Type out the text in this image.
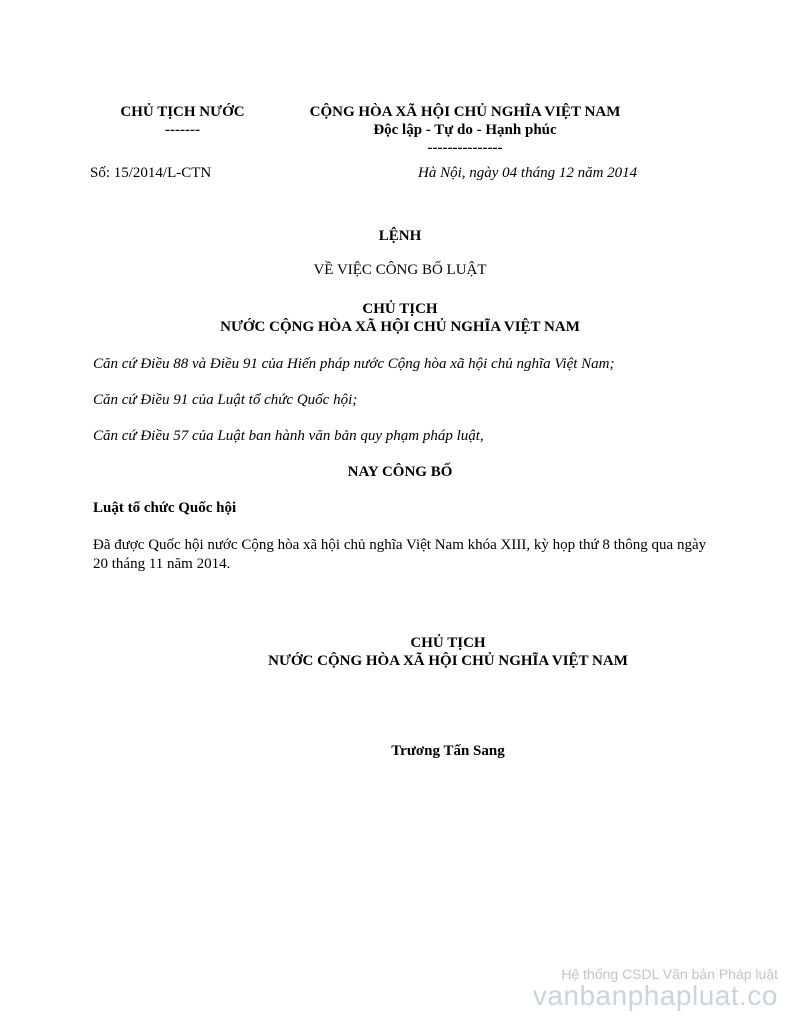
CHỦ TỊCH NƯỚC
-------
CỘNG HÒA XÃ HỘI CHỦ NGHĨA VIỆT NAM
Độc lập - Tự do - Hạnh phúc
---------------
Số: 15/2014/L-CTN	Hà Nội, ngày 04 tháng 12 năm 2014
LỆNH
VỀ VIỆC CÔNG BỐ LUẬT
CHỦ TỊCH
NƯỚC CỘNG HÒA XÃ HỘI CHỦ NGHĨA VIỆT NAM
Căn cứ Điều 88 và Điều 91 của Hiến pháp nước Cộng hòa xã hội chủ nghĩa Việt Nam;
Căn cứ Điều 91 của Luật tổ chức Quốc hội;
Căn cứ Điều 57 của Luật ban hành văn bản quy phạm pháp luật,
NAY CÔNG BỐ
Luật tổ chức Quốc hội
Đã được Quốc hội nước Cộng hòa xã hội chủ nghĩa Việt Nam khóa XIII, kỳ họp thứ 8 thông qua ngày 20 tháng 11 năm 2014.
CHỦ TỊCH
NƯỚC CỘNG HÒA XÃ HỘI CHỦ NGHĨA VIỆT NAM
Trương Tấn Sang
Hệ thống CSDL Văn bản Pháp luật
vanbanphapluat.co
